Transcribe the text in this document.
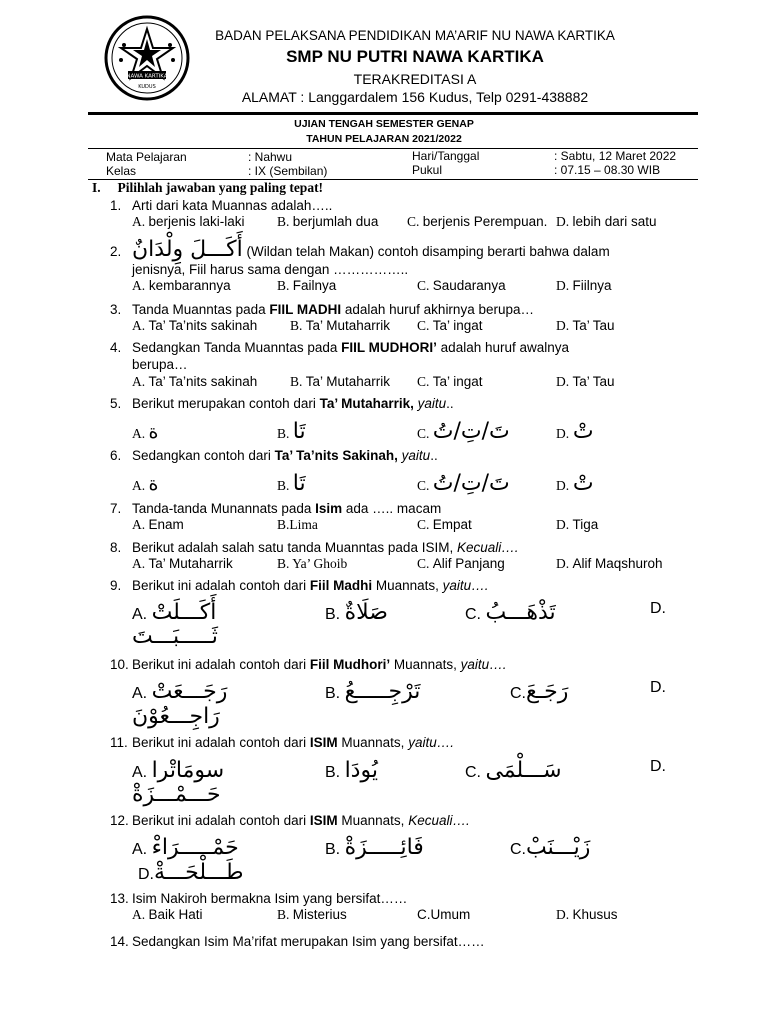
NAWA KARTIKA
KUDUS
BADAN PELAKSANA PENDIDIKAN MA’ARIF NU NAWA KARTIKA
SMP NU PUTRI NAWA KARTIKA
TERAKREDITASI A
ALAMAT : Langgardalem 156 Kudus, Telp 0291-438882
UJIAN TENGAH SEMESTER GENAP
TAHUN PELAJARAN 2021/2022
Mata Pelajaran	: Nahwu	Hari/Tanggal	: Sabtu, 12 Maret 2022
Kelas	: IX (Sembilan)	Pukul	: 07.15 – 08.30 WIB
I. Pilihlah jawaban yang paling tepat!
1. Arti dari kata Muannas adalah…..
A. berjenis laki-laki B. berjumlah dua C. berjenis Perempuan. D. lebih dari satu
2. أَكَـــلَ وِلْدَانٌ (Wildan telah Makan) contoh disamping berarti bahwa dalam
jenisnya, Fiil harus sama dengan ……………..
A. kembarannya	B. Failnya	C. Saudaranya	D. Fiilnya
3. Tanda Muanntas pada FIIL MADHI adalah huruf akhirnya berupa…
A. Ta’ Ta’nits sakinah B. Ta’ Mutaharrik C. Ta’ ingat	D. Ta’ Tau
4. Sedangkan Tanda Muanntas pada FIIL MUDHORI’ adalah huruf awalnya
berupa…
A. Ta’ Ta’nits sakinah B. Ta’ Mutaharrik C. Ta’ ingat	D. Ta’ Tau
5. Berikut merupakan contoh dari Ta’ Mutaharrik, yaitu..
A. ة	B. تَا	C. تَ/تِ/تُ	D. تْ
6. Sedangkan contoh dari Ta’ Ta’nits Sakinah, yaitu..
A. ة	B. تَا	C. تَ/تِ/تُ	D. تْ
7. Tanda-tanda Munannats pada Isim ada ….. macam
A. Enam	B.Lima	C. Empat	D. Tiga
8. Berikut adalah salah satu tanda Muanntas pada ISIM, Kecuali….
A. Ta’ Mutaharrik	B. Ya’ Ghoib	C. Alif Panjang	D. Alif Maqshuroh
9. Berikut ini adalah contoh dari Fiil Madhi Muannats, yaitu….
A. أَكَـــلَتْ	B. صَلَاةٌ	C. تَذْهَـــبُ	D.
ثَـــــبَـــتَ
10. Berikut ini adalah contoh dari Fiil Mudhori’ Muannats, yaitu….
A. رَجَـــعَتْ	B. تَرْجِـــــعُ	C.رَجَـعَ	D.
رَاجِـــعُوْنَ
11. Berikut ini adalah contoh dari ISIM Muannats, yaitu….
A. سومَاتْرا	B. يُودَا	C. سَـــلْمَى	D.
حَـــمْـــزَةْ
12. Berikut ini adalah contoh dari ISIM Muannats, Kecuali….
A. حَمْـــــرَاءْ	B. فَائِـــــزَةْ	C.زَيْـــنَبْ
D.طَـــلْحَـــةْ
13. Isim Nakiroh bermakna Isim yang bersifat……
A. Baik Hati	B. Misterius	C.Umum	D. Khusus
14. Sedangkan Isim Ma’rifat merupakan Isim yang bersifat……
